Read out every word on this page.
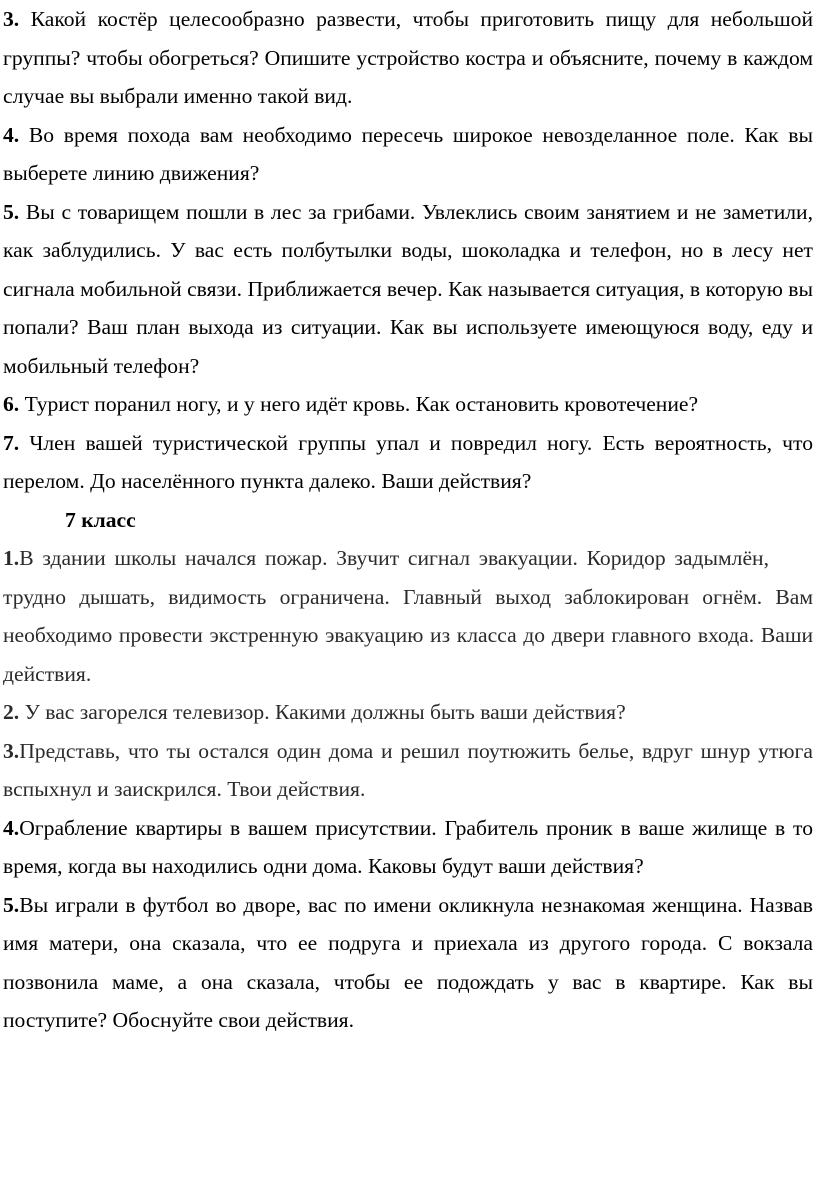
3. Какой костёр целесообразно развести, чтобы приготовить пищу для небольшой группы? чтобы обогреться? Опишите устройство костра и объясните, почему в каждом случае вы выбрали именно такой вид.

4. Во время похода вам необходимо пересечь широкое невозделанное поле. Как вы выберете линию движения?

5. Вы с товарищем пошли в лес за грибами. Увлеклись своим занятием и не заметили, как заблудились. У вас есть полбутылки воды, шоколадка и телефон, но в лесу нет сигнала мобильной связи. Приближается вечер. Как называется ситуация, в которую вы попали? Ваш план выхода из ситуации. Как вы используете имеющуюся воду, еду и мобильный телефон?

6. Турист поранил ногу, и у него идёт кровь. Как остановить кровотечение?

7. Член вашей туристической группы упал и повредил ногу. Есть вероятность, что перелом. До населённого пункта далеко. Ваши действия?

7 класс

1.В здании школы начался пожар. Звучит сигнал эвакуации. Коридор задымлён,трудно дышать, видимость ограничена. Главный выход заблокирован огнём. Вам необходимо провести экстренную эвакуацию из класса до двери главного входа. Ваши действия.

2. У вас загорелся телевизор. Какими должны быть ваши действия?

3.Представь, что ты остался один дома и решил поутюжить белье, вдруг шнур утюга вспыхнул и заискрился. Твои действия.

4.Ограбление квартиры в вашем присутствии. Грабитель проник в ваше жилище в то время, когда вы находились одни дома. Каковы будут ваши действия?

5.Вы играли в футбол во дворе, вас по имени окликнула незнакомая женщина. Назвав имя матери, она сказала, что ее подруга и приехала из другого города. С вокзала позвонила маме, а она сказала, чтобы ее подождать у вас в квартире. Как вы поступите? Обоснуйте свои действия.
